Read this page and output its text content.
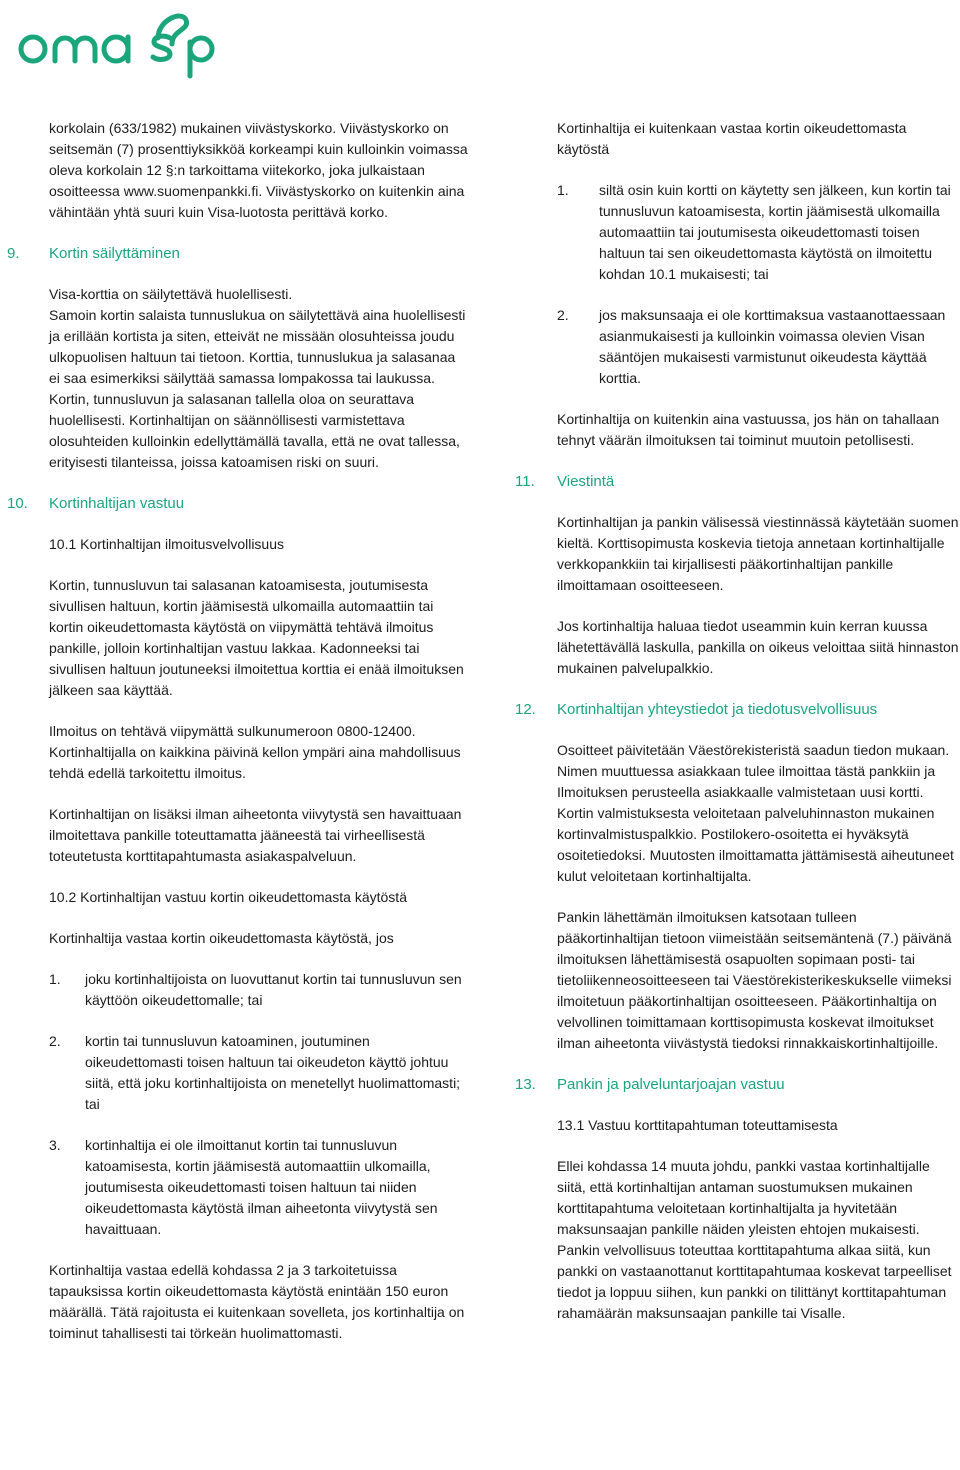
korkolain (633/1982) mukainen viivästyskorko. Viivästyskorko on seitsemän (7) prosenttiyksikköä korkeampi kuin kulloinkin voimassa oleva korkolain 12 §:n tarkoittama viitekorko, joka julkaistaan osoitteessa www.suomenpankki.fi. Viivästyskorko on kuitenkin aina vähintään yhtä suuri kuin Visa-luotosta perittävä korko.

9. Kortin säilyttäminen

Visa-korttia on säilytettävä huolellisesti.

Samoin kortin salaista tunnuslukua on säilytettävä aina huolellisesti ja erillään kortista ja siten, etteivät ne missään olosuhteissa joudu ulkopuolisen haltuun tai tietoon. Korttia, tunnuslukua ja salasanaa ei saa esimerkiksi säilyttää samassa lompakossa tai laukussa. Kortin, tunnusluvun ja salasanan tallella oloa on seurattava huolellisesti. Kortinhaltijan on säännöllisesti varmistettava olosuhteiden kulloinkin edellyttämällä tavalla, että ne ovat tallessa, erityisesti tilanteissa, joissa katoamisen riski on suuri.

10. Kortinhaltijan vastuu

10.1 Kortinhaltijan ilmoitusvelvollisuus

Kortin, tunnusluvun tai salasanan katoamisesta, joutumisesta sivullisen haltuun, kortin jäämisestä ulkomailla automaattiin tai kortin oikeudettomasta käytöstä on viipymättä tehtävä ilmoitus pankille, jolloin kortinhaltijan vastuu lakkaa. Kadonneeksi tai sivullisen haltuun joutuneeksi ilmoitettua korttia ei enää ilmoituksen jälkeen saa käyttää.

Ilmoitus on tehtävä viipymättä sulkunumeroon 0800-12400. Kortinhaltijalla on kaikkina päivinä kellon ympäri aina mahdollisuus tehdä edellä tarkoitettu ilmoitus.

Kortinhaltijan on lisäksi ilman aiheetonta viivytystä sen havaittuaan ilmoitettava pankille toteuttamatta jääneestä tai virheellisestä toteutetusta korttitapahtumasta asiakaspalveluun.

10.2 Kortinhaltijan vastuu kortin oikeudettomasta käytöstä

Kortinhaltija vastaa kortin oikeudettomasta käytöstä, jos

1. joku kortinhaltijoista on luovuttanut kortin tai tunnusluvun sen käyttöön oikeudettomalle; tai
2. kortin tai tunnusluvun katoaminen, joutuminen oikeudettomasti toisen haltuun tai oikeudeton käyttö johtuu siitä, että joku kortinhaltijoista on menetellyt huolimattomasti; tai
3. kortinhaltija ei ole ilmoittanut kortin tai tunnusluvun katoamisesta, kortin jäämisestä automaattiin ulkomailla, joutumisesta oikeudettomasti toisen haltuun tai niiden oikeudettomasta käytöstä ilman aiheetonta viivytystä sen havaittuaan.

Kortinhaltija vastaa edellä kohdassa 2 ja 3 tarkoitetuissa tapauksissa kortin oikeudettomasta käytöstä enintään 150 euron määrällä. Tätä rajoitusta ei kuitenkaan sovelleta, jos kortinhaltija on toiminut tahallisesti tai törkeän huolimattomasti.

Kortinhaltija ei kuitenkaan vastaa kortin oikeudettomasta käytöstä

1. siltä osin kuin kortti on käytetty sen jälkeen, kun kortin tai tunnusluvun katoamisesta, kortin jäämisestä ulkomailla automaattiin tai joutumisesta oikeudettomasti toisen haltuun tai sen oikeudettomasta käytöstä on ilmoitettu kohdan 10.1 mukaisesti; tai
2. jos maksunsaaja ei ole korttimaksua vastaanottaessaan asianmukaisesti ja kulloinkin voimassa olevien Visan sääntöjen mukaisesti varmistunut oikeudesta käyttää korttia.

Kortinhaltija on kuitenkin aina vastuussa, jos hän on tahallaan tehnyt väärän ilmoituksen tai toiminut muutoin petollisesti.

11. Viestintä

Kortinhaltijan ja pankin välisessä viestinnässä käytetään suomen kieltä. Korttisopimusta koskevia tietoja annetaan kortinhaltijalle verkkopankkiin tai kirjallisesti pääkortinhaltijan pankille ilmoittamaan osoitteeseen.

Jos kortinhaltija haluaa tiedot useammin kuin kerran kuussa lähetettävällä laskulla, pankilla on oikeus veloittaa siitä hinnaston mukainen palvelupalkkio.

12. Kortinhaltijan yhteystiedot ja tiedotusvelvollisuus

Osoitteet päivitetään Väestörekisteristä saadun tiedon mukaan. Nimen muuttuessa asiakkaan tulee ilmoittaa tästä pankkiin ja Ilmoituksen perusteella asiakkaalle valmistetaan uusi kortti. Kortin valmistuksesta veloitetaan palveluhinnaston mukainen kortinvalmistuspalkkio. Postilokero-osoitetta ei hyväksytä osoitetiedoksi. Muutosten ilmoittamatta jättämisestä aiheutuneet kulut veloitetaan kortinhaltijalta.

Pankin lähettämän ilmoituksen katsotaan tulleen pääkortinhaltijan tietoon viimeistään seitsemäntenä (7.) päivänä ilmoituksen lähettämisestä osapuolten sopimaan posti- tai tietoliikenneosoitteeseen tai Väestörekisterikeskukselle viimeksi ilmoitetuun pääkortinhaltijan osoitteeseen. Pääkortinhaltija on velvollinen toimittamaan korttisopimusta koskevat ilmoitukset ilman aiheetonta viivästystä tiedoksi rinnakkaiskortinhaltijoille.

13. Pankin ja palveluntarjoajan vastuu

13.1 Vastuu korttitapahtuman toteuttamisesta

Ellei kohdassa 14 muuta johdu, pankki vastaa kortinhaltijalle siitä, että kortinhaltijan antaman suostumuksen mukainen korttitapahtuma veloitetaan kortinhaltijalta ja hyvitetään maksunsaajan pankille näiden yleisten ehtojen mukaisesti. Pankin velvollisuus toteuttaa korttitapahtuma alkaa siitä, kun pankki on vastaanottanut korttitapahtumaa koskevat tarpeelliset tiedot ja loppuu siihen, kun pankki on tilittänyt korttitapahtuman rahamäärän maksunsaajan pankille tai Visalle.
